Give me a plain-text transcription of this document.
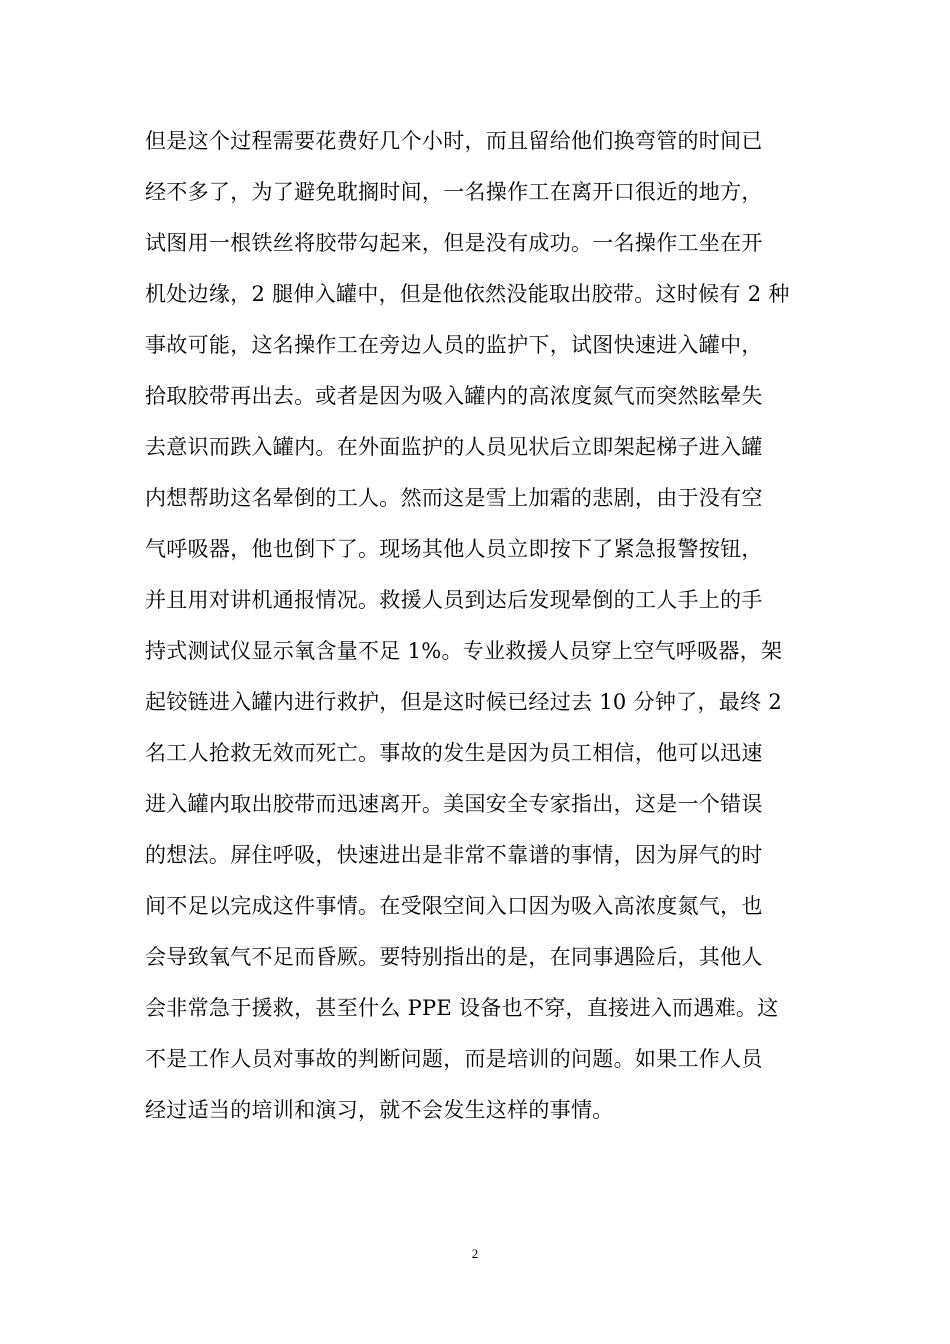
但是这个过程需要花费好几个小时，而且留给他们换弯管的时间已
经不多了，为了避免耽搁时间，一名操作工在离开口很近的地方，
试图用一根铁丝将胶带勾起来，但是没有成功。一名操作工坐在开
机处边缘，2 腿伸入罐中，但是他依然没能取出胶带。这时候有 2 种
事故可能，这名操作工在旁边人员的监护下，试图快速进入罐中，
拾取胶带再出去。或者是因为吸入罐内的高浓度氮气而突然眩晕失
去意识而跌入罐内。在外面监护的人员见状后立即架起梯子进入罐
内想帮助这名晕倒的工人。然而这是雪上加霜的悲剧，由于没有空
气呼吸器，他也倒下了。现场其他人员立即按下了紧急报警按钮，
并且用对讲机通报情况。救援人员到达后发现晕倒的工人手上的手
持式测试仪显示氧含量不足 1%。专业救援人员穿上空气呼吸器，架
起铰链进入罐内进行救护，但是这时候已经过去 10 分钟了，最终 2
名工人抢救无效而死亡。事故的发生是因为员工相信，他可以迅速
进入罐内取出胶带而迅速离开。美国安全专家指出，这是一个错误
的想法。屏住呼吸，快速进出是非常不靠谱的事情，因为屏气的时
间不足以完成这件事情。在受限空间入口因为吸入高浓度氮气，也
会导致氧气不足而昏厥。要特别指出的是，在同事遇险后，其他人
会非常急于援救，甚至什么 PPE 设备也不穿，直接进入而遇难。这
不是工作人员对事故的判断问题，而是培训的问题。如果工作人员
经过适当的培训和演习，就不会发生这样的事情。
2
